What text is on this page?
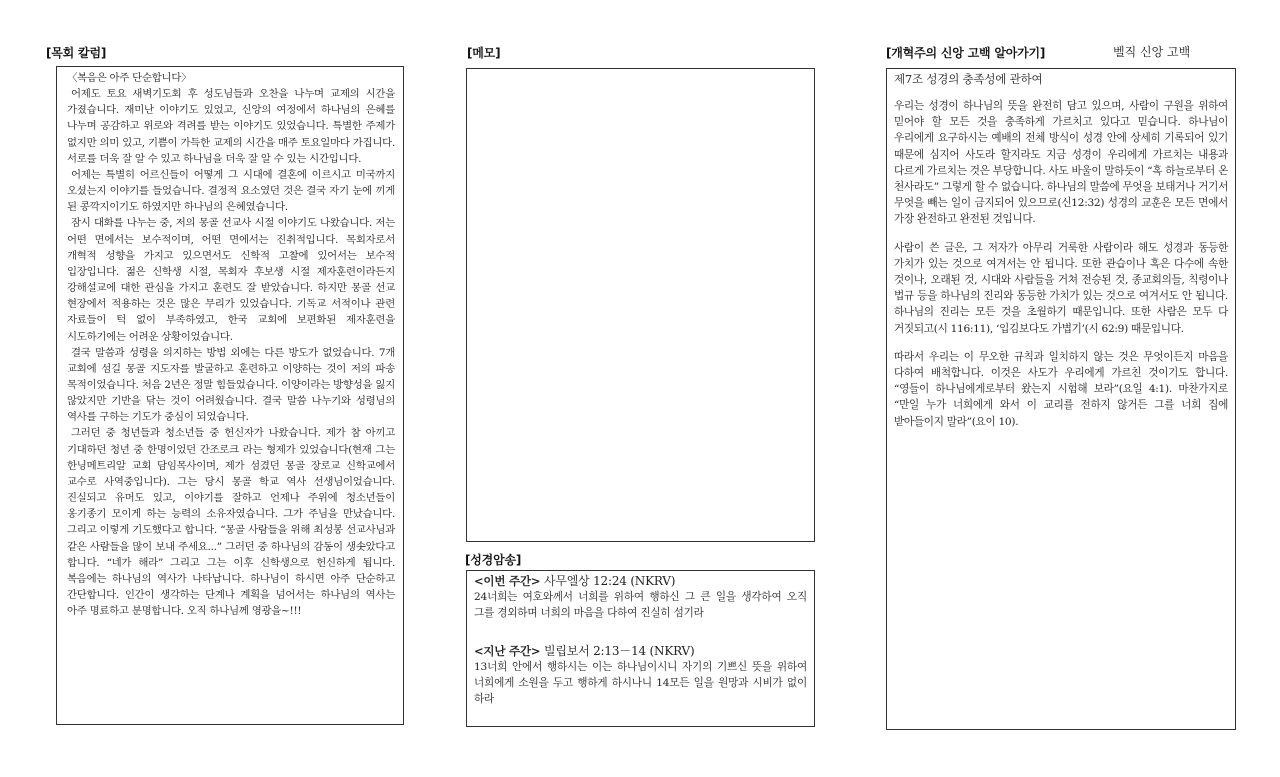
[목회 칼럼]	[메모]
[성경암송]
[개혁주의 신앙 고백 알아가기]	벨직 신앙 고백

〈복음은 아주 단순합니다〉

어제도 토요 새벽기도회 후 성도님들과 오찬을 나누며 교제의 시간을 가졌습니다. 재미난 이야기도 있었고, 신앙의 여정에서 하나님의 은혜를 나누며 공감하고 위로와 격려를 받는 이야기도 있었습니다. 특별한 주제가 없지만 의미 있고, 기쁨이 가득한 교제의 시간을 매주 토요일마다 가집니다. 서로를 더욱 잘 알 수 있고 하나님을 더욱 잘 알 수 있는 시간입니다.

어제는 특별히 어르신들이 어떻게 그 시대에 결혼에 이르시고 미국까지 오셨는지 이야기를 들었습니다. 결정적 요소였던 것은 결국 자기 눈에 끼게 된 콩깍지이기도 하였지만 하나님의 은혜였습니다.

잠시 대화를 나누는 중, 저의 몽골 선교사 시절 이야기도 나왔습니다. 저는 어떤 면에서는 보수적이며, 어떤 면에서는 진취적입니다. 목회자로서 개혁적 성향을 가지고 있으면서도 신학적 고찰에 있어서는 보수적 입장입니다. 젊은 신학생 시절, 목회자 후보생 시절 제자훈련이라든지 강해설교에 대한 관심을 가지고 훈련도 잘 받았습니다. 하지만 몽골 선교 현장에서 적용하는 것은 많은 무리가 있었습니다. 기독교 서적이나 관련 자료들이 턱 없이 부족하였고, 한국 교회에 보편화된 제자훈련을 시도하기에는 어려운 상황이었습니다.

결국 말씀과 성령을 의지하는 방법 외에는 다른 방도가 없었습니다. 7개 교회에 섬길 몽골 지도자를 발굴하고 훈련하고 이양하는 것이 저의 파송 목적이었습니다. 처음 2년은 정말 힘들었습니다. 이양이라는 방향성을 잃지 않았지만 기반을 닦는 것이 어려웠습니다. 결국 말씀 나누기와 성령님의 역사를 구하는 기도가 중심이 되었습니다.

그러던 중 청년들과 청소년들 중 헌신자가 나왔습니다. 제가 참 아끼고 기대하던 청년 중 한명이었던 간조로크 라는 형제가 있었습니다(현재 그는 한닝메트리알 교회 담임목사이며, 제가 섬겼던 몽골 장로교 신학교에서 교수로 사역중입니다). 그는 당시 몽골 학교 역사 선생님이었습니다. 진실되고 유머도 있고, 이야기를 잘하고 언제나 주위에 청소년들이 옹기종기 모이게 하는 능력의 소유자였습니다. 그가 주님을 만났습니다. 그리고 이렇게 기도했다고 합니다. “몽골 사람들을 위해 최성봉 선교사님과 같은 사람들을 많이 보내 주세요...” 그러던 중 하나님의 감동이 생솟았다고 합니다. “네가 해라” 그리고 그는 이후 신학생으로 헌신하게 됩니다. 복음에는 하나님의 역사가 나타납니다. 하나님이 하시면 아주 단순하고 간단합니다. 인간이 생각하는 단계나 계획을 넘어서는 하나님의 역사는 아주 명료하고 분명합니다. 오직 하나님께 영광을~!!!

<이번 주간> 사무엘상 12:24 (NKRV)
24너희는 여호와께서 너희를 위하여 행하신 그 큰 일을 생각하여 오직 그를 경외하며 너희의 마음을 다하여 진실히 섬기라
<지난 주간> 빌립보서 2:13－14 (NKRV)
13너희 안에서 행하시는 이는 하나님이시니 자기의 기쁘신 뜻을 위하여 너희에게 소원을 두고 행하게 하시나니 14모든 일을 원망과 시비가 없이 하라
제7조 성경의 충족성에 관하여

우리는 성경이 하나님의 뜻을 완전히 담고 있으며, 사람이 구원을 위하여 믿어야 할 모든 것을 충족하게 가르치고 있다고 믿습니다. 하나님이 우리에게 요구하시는 예배의 전체 방식이 성경 안에 상세히 기록되어 있기 때문에 심지어 사도라 할지라도 지금 성경이 우리에게 가르치는 내용과 다르게 가르치는 것은 부당합니다. 사도 바울이 말하듯이 “혹 하늘로부터 온 천사라도” 그렇게 할 수 없습니다. 하나님의 말씀에 무엇을 보태거나 거기서 무엇을 빼는 일이 금지되어 있으므로(신12:32) 성경의 교훈은 모든 면에서 가장 완전하고 완전된 것입니다.

사람이 쓴 글은, 그 저자가 아무리 거룩한 사람이라 해도 성경과 동등한 가치가 있는 것으로 여겨서는 안 됩니다. 또한 관습이나 혹은 다수에 속한 것이나, 오래된 것, 시대와 사람들을 거쳐 전승된 것, 종교회의들, 칙령이나 법규 등을 하나님의 진리와 동등한 가치가 있는 것으로 여겨서도 안 됩니다. 하나님의 진리는 모든 것을 초월하기 때문입니다. 또한 사람은 모두 다 거짓되고(시 116:11), ‘입김보다도 가볍기’(시 62:9) 때문입니다.

따라서 우리는 이 무오한 규칙과 일치하지 않는 것은 무엇이든지 마음을 다하여 배척합니다. 이것은 사도가 우리에게 가르친 것이기도 합니다. “영들이 하나님에게로부터 왔는지 시험해 보라”(요일 4:1). 마찬가지로 “만일 누가 너희에게 와서 이 교리를 전하지 않거든 그를 너희 집에 받아들이지 말라”(요이 10).
